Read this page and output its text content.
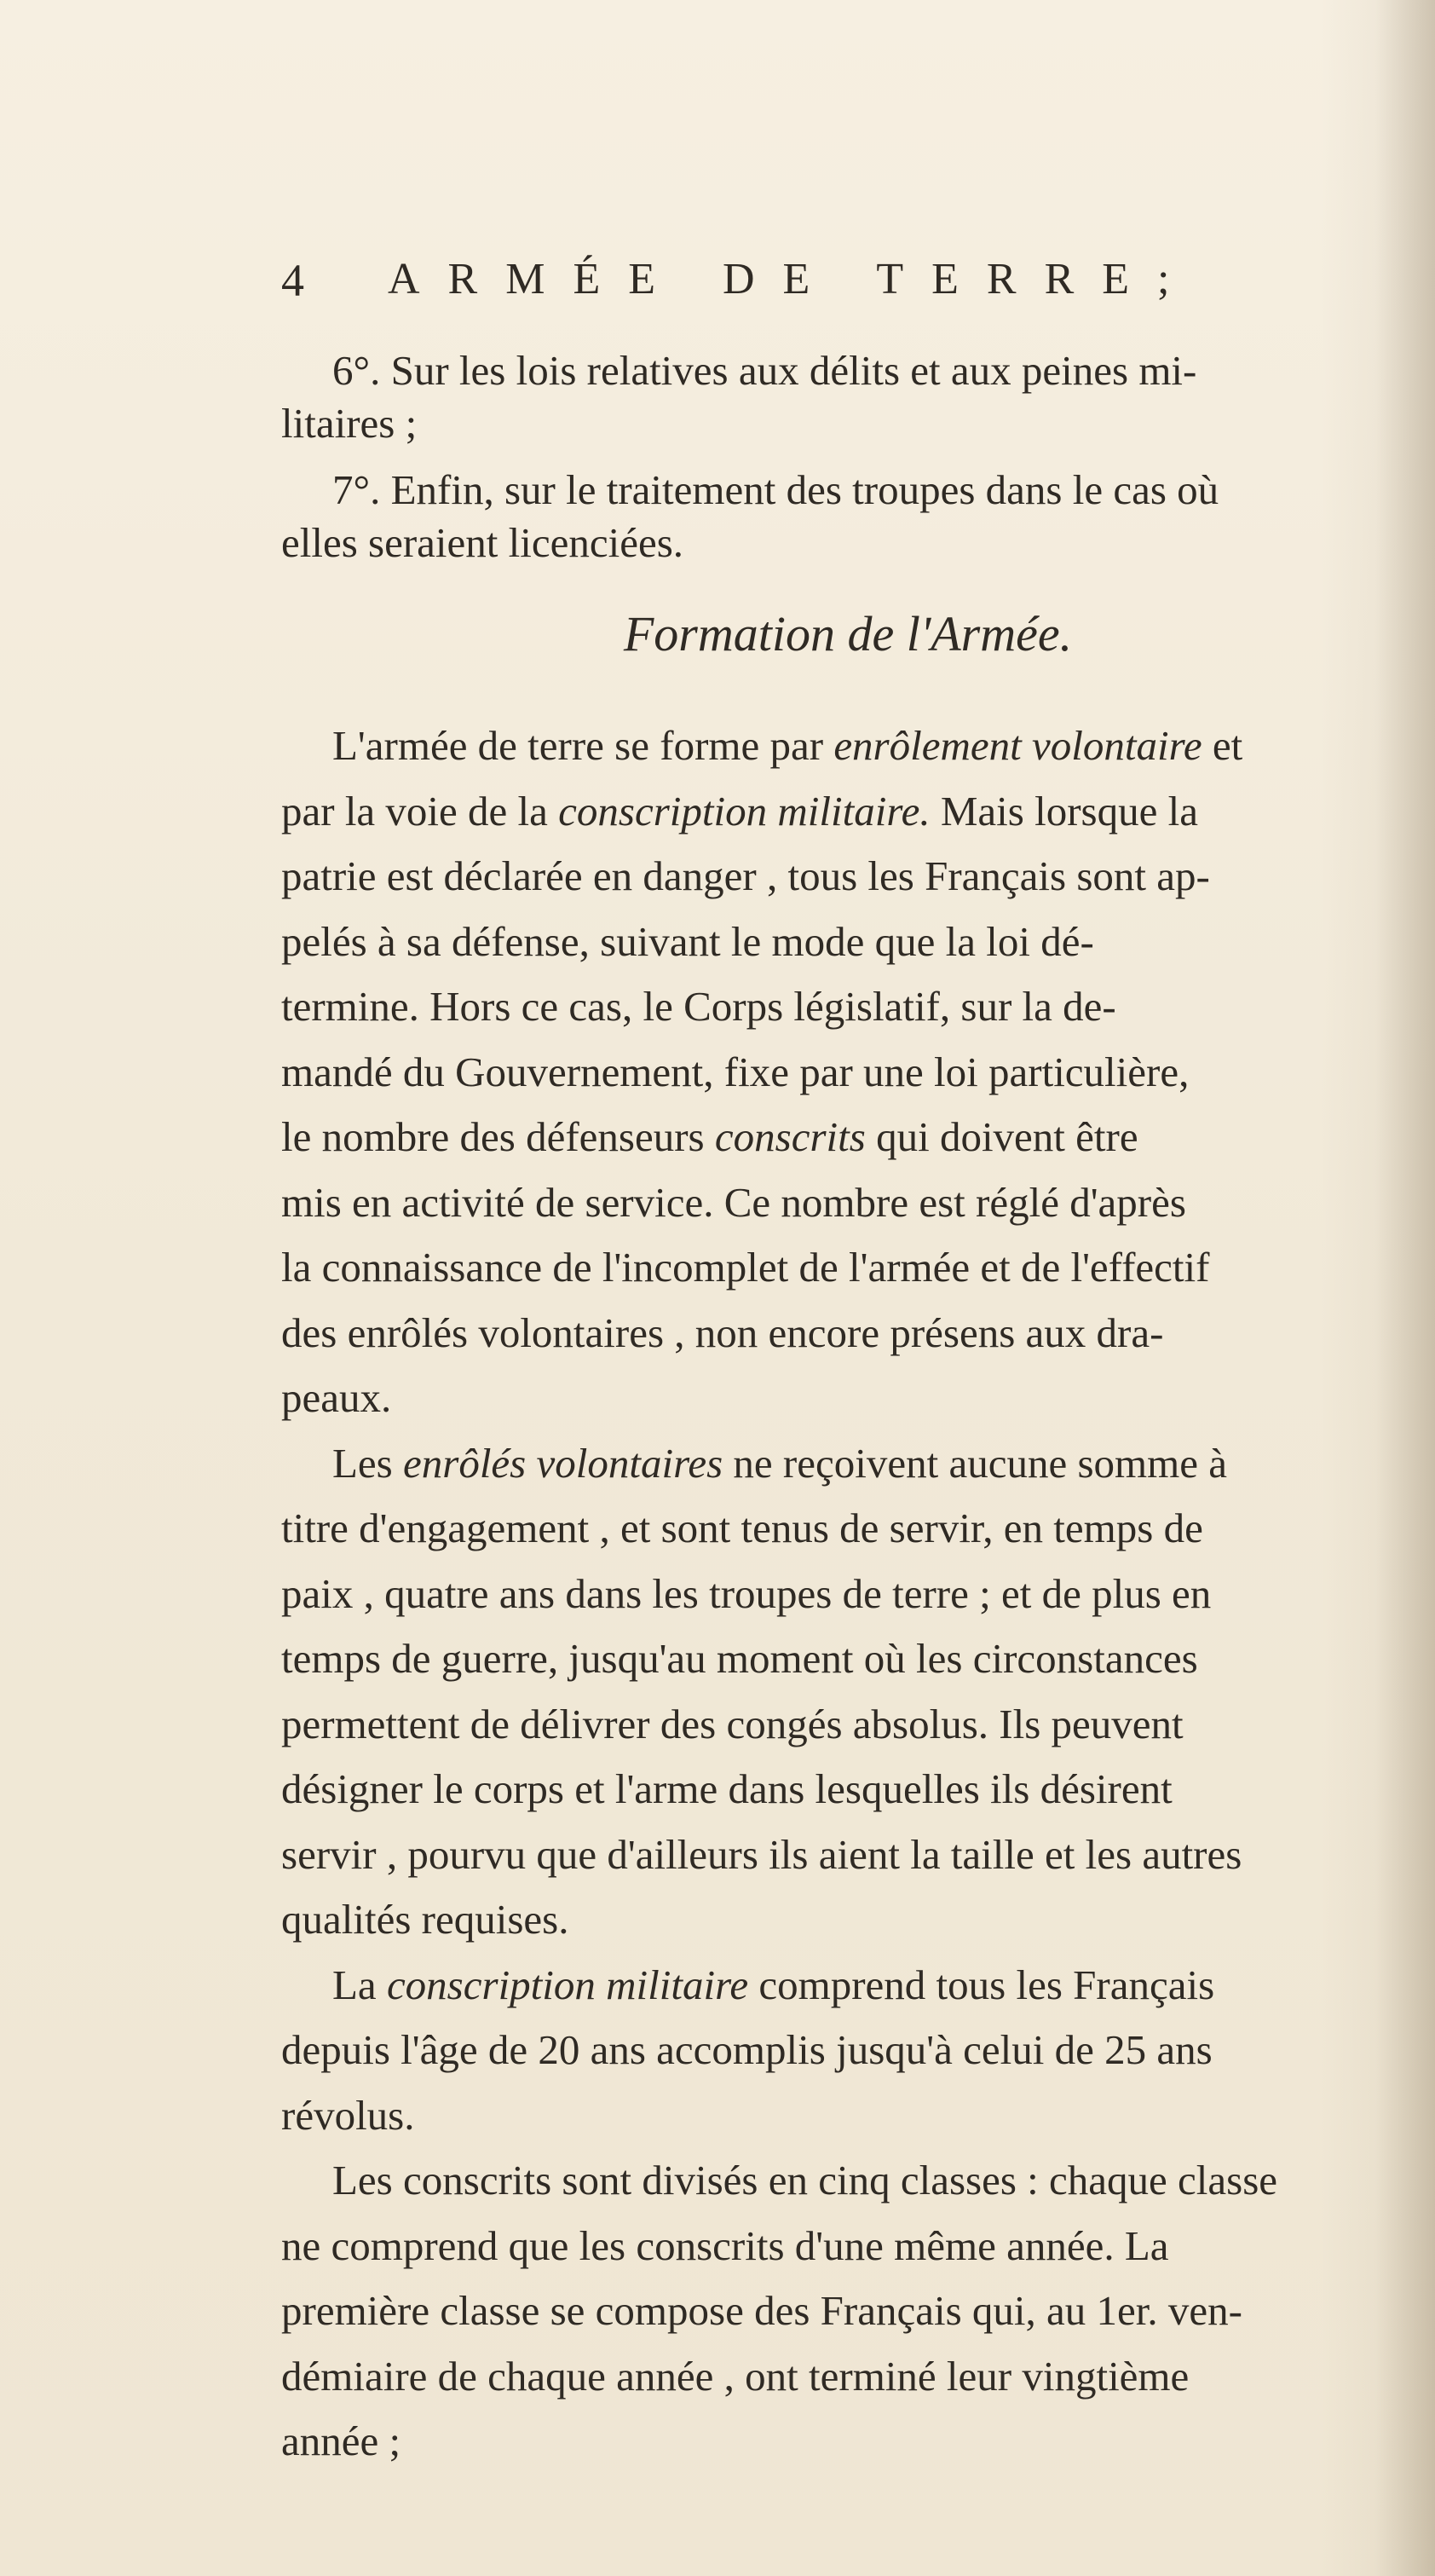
4 ARMÉE DE TERRE;
6°. Sur les lois relatives aux délits et aux peines mi-
litaires ;
7°. Enfin, sur le traitement des troupes dans le cas où
elles seraient licenciées.
Formation de l'Armée.
L'armée de terre se forme par enrôlement volontaire et
par la voie de la conscription militaire. Mais lorsque la
patrie est déclarée en danger , tous les Français sont ap-
pelés à sa défense, suivant le mode que la loi dé-
termine. Hors ce cas, le Corps législatif, sur la de-
mandé du Gouvernement, fixe par une loi particulière,
le nombre des défenseurs conscrits qui doivent être
mis en activité de service. Ce nombre est réglé d'après
la connaissance de l'incomplet de l'armée et de l'effectif
des enrôlés volontaires , non encore présens aux dra-
peaux.
Les enrôlés volontaires ne reçoivent aucune somme à
titre d'engagement , et sont tenus de servir, en temps de
paix , quatre ans dans les troupes de terre ; et de plus en
temps de guerre, jusqu'au moment où les circonstances
permettent de délivrer des congés absolus. Ils peuvent
désigner le corps et l'arme dans lesquelles ils désirent
servir , pourvu que d'ailleurs ils aient la taille et les autres
qualités requises.
La conscription militaire comprend tous les Français
depuis l'âge de 20 ans accomplis jusqu'à celui de 25 ans
révolus.
Les conscrits sont divisés en cinq classes : chaque classe
ne comprend que les conscrits d'une même année. La
première classe se compose des Français qui, au 1er. ven-
démiaire de chaque année , ont terminé leur vingtième
année ;
